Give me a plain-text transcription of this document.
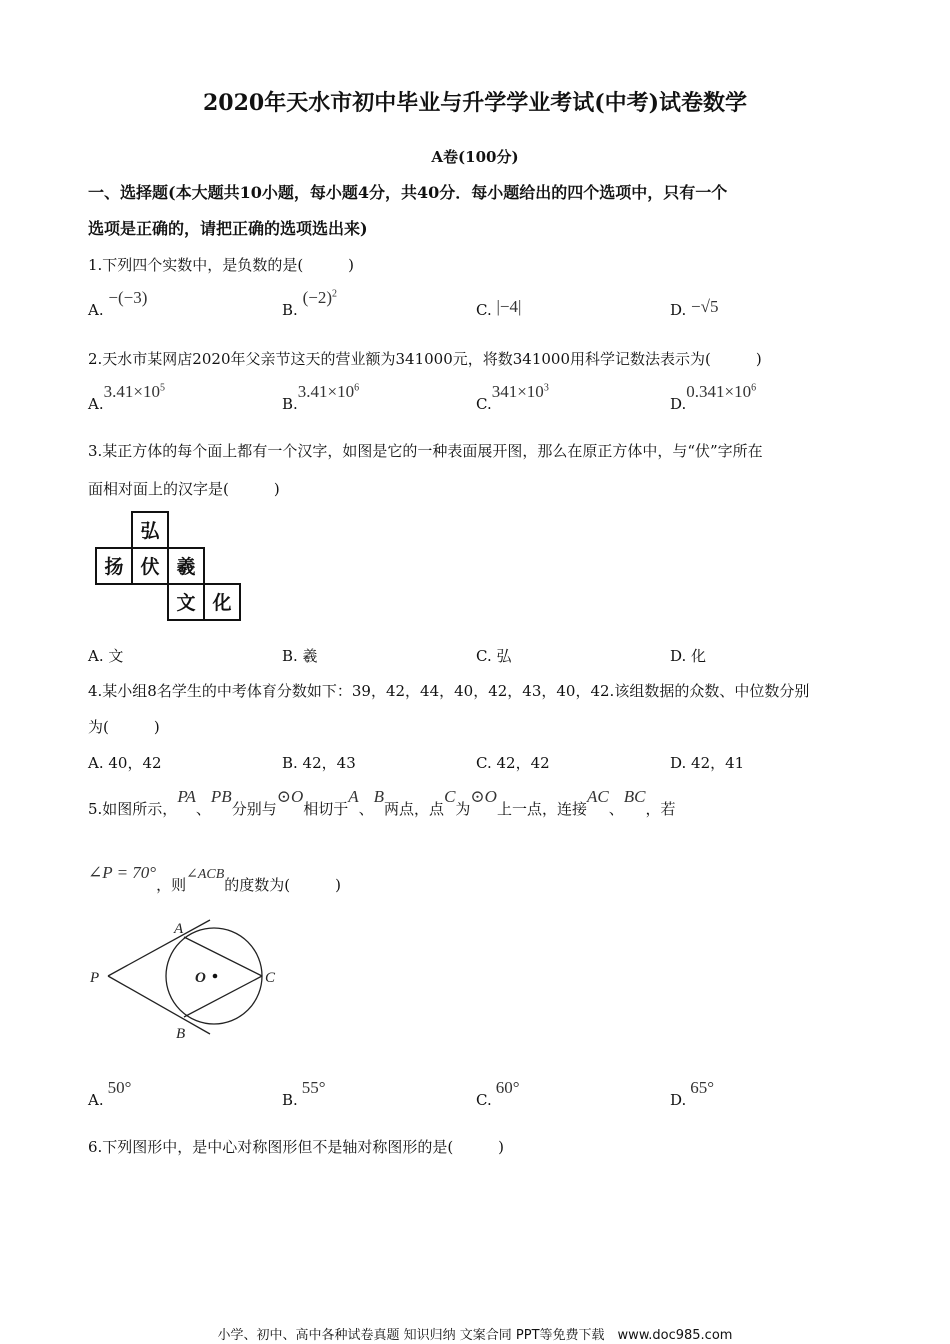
2020年天水市初中毕业与升学学业考试(中考)试卷数学
A卷(100分)
一、选择题(本大题共10小题，每小题4分，共40分．每小题给出的四个选项中，只有一个
选项是正确的，请把正确的选项选出来)
1.下列四个实数中，是负数的是(　　　)
A. −(−3)
B. $(-2)^2$
C. |−4|	D. −√5
2.天水市某网店2020年父亲节这天的营业额为341000元，将数341000用科学记数法表示为(　　　)
$A.3.41\times 10^5$
$B.3.41\times 10^6$
$C.341\times 10^3$
$D.0.341\times 10^6$
3.某正方体的每个面上都有一个汉字，如图是它的一种表面展开图，那么在原正方体中，与“伏”字所在
面相对面上的汉字是(　　　)
弘
扬 伏 羲
文 化
A. 文	B. 羲	C. 弘	D. 化
4.某小组8名学生的中考体育分数如下：39，42，44，40，42，43，40，42.该组数据的众数、中位数分别
为(　　　)
A. 40，42	B. 42，43	C. 42，42	D. 42，41
5.如图所示，PA、PB分别与⊙O相切于A、B两点，点C为⊙O上一点，连接AC、BC，若
∠P = 70°，则∠ACB的度数为(　　　)
P
A
B
C
O
A.50°
B.55°
C.60°
D.65°
6.下列图形中，是中心对称图形但不是轴对称图形的是(　　　)
小学、初中、高中各种试卷真题 知识归纳 文案合同 PPT等免费下载　www.doc985.com
